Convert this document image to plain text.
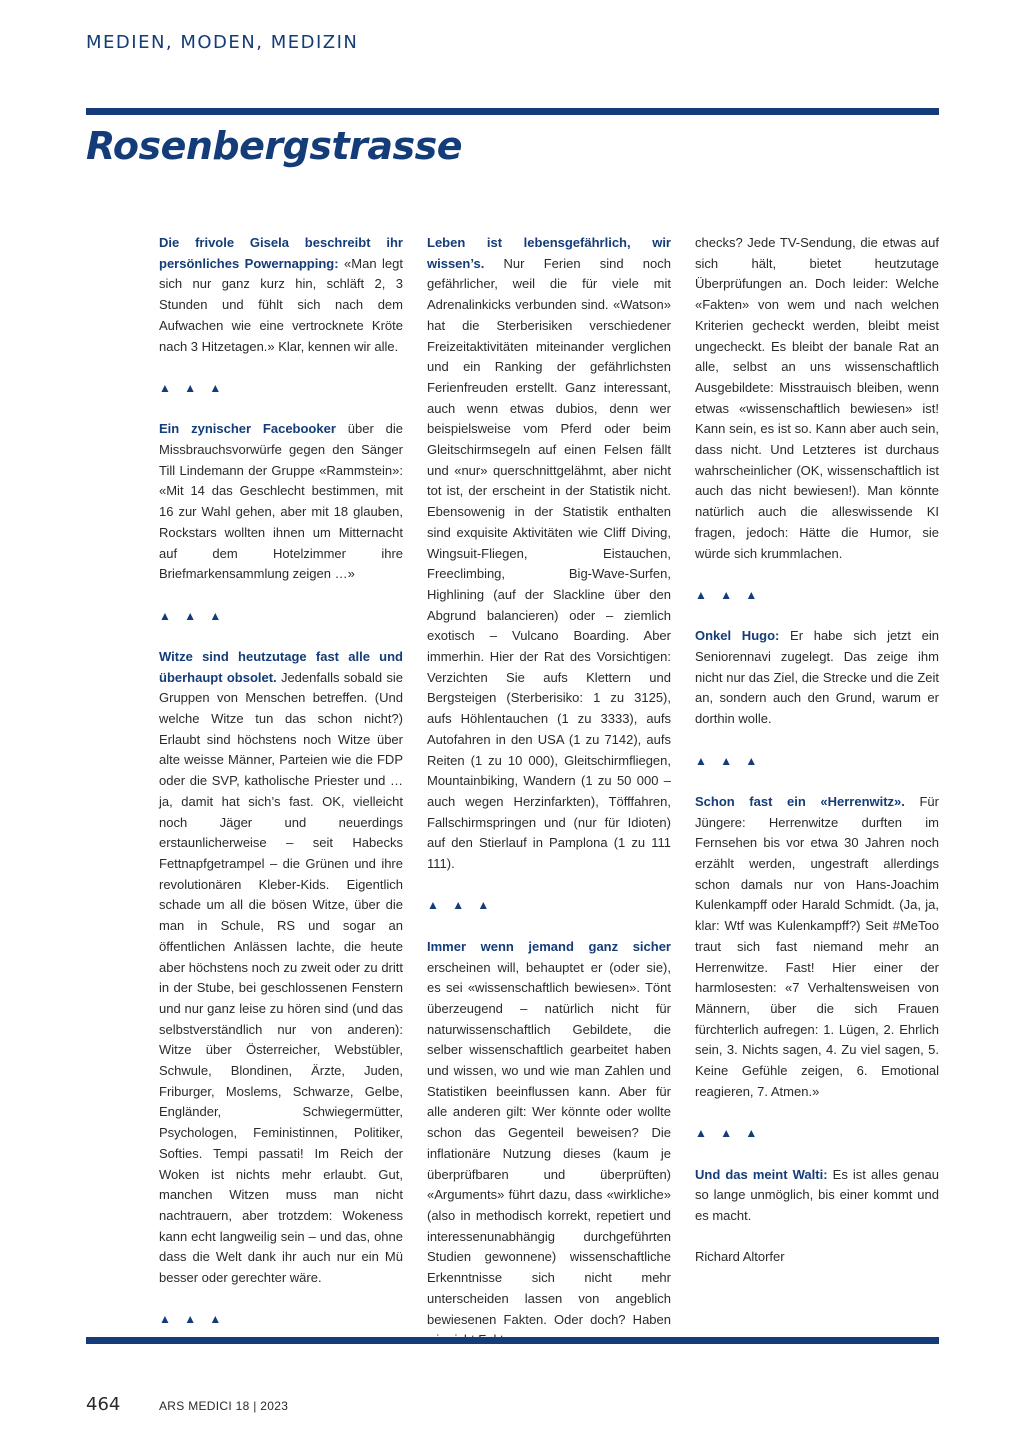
MEDIEN, MODEN, MEDIZIN
Rosenbergstrasse

Die frivole Gisela beschreibt ihr persönliches Powernapping: «Man legt sich nur ganz kurz hin, schläft 2, 3 Stunden und fühlt sich nach dem Aufwachen wie eine vertrocknete Kröte nach 3 Hitzetagen.» Klar, kennen wir alle.

▲ ▲ ▲

Ein zynischer Facebooker über die Missbrauchsvorwürfe gegen den Sänger Till Lindemann der Gruppe «Rammstein»: «Mit 14 das Geschlecht bestimmen, mit 16 zur Wahl gehen, aber mit 18 glauben, Rockstars wollten ihnen um Mitternacht auf dem Hotelzimmer ihre Briefmarkensammlung zeigen …»

▲ ▲ ▲

Witze sind heutzutage fast alle und überhaupt obsolet. Jedenfalls sobald sie Gruppen von Menschen betreffen. (Und welche Witze tun das schon nicht?) Erlaubt sind höchstens noch Witze über alte weisse Männer, Parteien wie die FDP oder die SVP, katholische Priester und … ja, damit hat sich’s fast. OK, vielleicht noch Jäger und neuerdings erstaunlicherweise – seit Habecks Fettnapfgetrampel – die Grünen und ihre revolutionären Kleber-Kids. Eigentlich schade um all die bösen Witze, über die man in Schule, RS und sogar an öffentlichen Anlässen lachte, die heute aber höchstens noch zu zweit oder zu dritt in der Stube, bei geschlossenen Fenstern und nur ganz leise zu hören sind (und das selbstverständlich nur von anderen): Witze über Österreicher, Webstübler, Schwule, Blondinen, Ärzte, Juden, Friburger, Moslems, Schwarze, Gelbe, Engländer, Schwiegermütter, Psychologen, Feministinnen, Politiker, Softies. Tempi passati! Im Reich der Woken ist nichts mehr erlaubt. Gut, manchen Witzen muss man nicht nachtrauern, aber trotzdem: Wokeness kann echt langweilig sein – und das, ohne dass die Welt dank ihr auch nur ein Mü besser oder gerechter wäre.

▲ ▲ ▲

Leben ist lebensgefährlich, wir wissen’s. Nur Ferien sind noch gefährlicher, weil die für viele mit Adrenalinkicks verbunden sind. «Watson» hat die Sterberisiken verschiedener Freizeitaktivitäten miteinander verglichen und ein Ranking der gefährlichsten Ferienfreuden erstellt. Ganz interessant, auch wenn etwas dubios, denn wer beispielsweise vom Pferd oder beim Gleitschirmsegeln auf einen Felsen fällt und «nur» querschnittgelähmt, aber nicht tot ist, der erscheint in der Statistik nicht. Ebensowenig in der Statistik enthalten sind exquisite Aktivitäten wie Cliff Diving, Wingsuit-Fliegen, Eistauchen, Freeclimbing, Big-Wave-Surfen, Highlining (auf der Slackline über den Abgrund balancieren) oder – ziemlich exotisch – Vulcano Boarding. Aber immerhin. Hier der Rat des Vorsichtigen: Verzichten Sie aufs Klettern und Bergsteigen (Sterberisiko: 1 zu 3125), aufs Höhlentauchen (1 zu 3333), aufs Autofahren in den USA (1 zu 7142), aufs Reiten (1 zu 10 000), Gleitschirmfliegen, Mountainbiking, Wandern (1 zu 50 000 – auch wegen Herzinfarkten), Töfffahren, Fallschirmspringen und (nur für Idioten) auf den Stierlauf in Pamplona (1 zu 111 111).

▲ ▲ ▲

Immer wenn jemand ganz sicher erscheinen will, behauptet er (oder sie), es sei «wissenschaftlich bewiesen». Tönt überzeugend – natürlich nicht für naturwissenschaftlich Gebildete, die selber wissenschaftlich gearbeitet haben und wissen, wo und wie man Zahlen und Statistiken beeinflussen kann. Aber für alle anderen gilt: Wer könnte oder wollte schon das Gegenteil beweisen? Die inflationäre Nutzung dieses (kaum je überprüfbaren und überprüften) «Arguments» führt dazu, dass «wirkliche» (also in methodisch korrekt, repetiert und interessenunabhängig durchgeführten Studien gewonnene) wissenschaftliche Erkenntnisse sich nicht mehr unterscheiden lassen von angeblich bewiesenen Fakten. Oder doch? Haben

checks? Jede TV-Sendung, die etwas auf sich hält, bietet heutzutage Überprüfungen an. Doch leider: Welche «Fakten» von wem und nach welchen Kriterien gecheckt werden, bleibt meist ungecheckt. Es bleibt der banale Rat an alle, selbst an uns wissenschaftlich Ausgebildete: Misstrauisch bleiben, wenn etwas «wissenschaftlich bewiesen» ist! Kann sein, es ist so. Kann aber auch sein, dass nicht. Und Letzteres ist durchaus wahrscheinlicher (OK, wissenschaftlich ist auch das nicht bewiesen!). Man könnte natürlich auch die alleswissende KI fragen, jedoch: Hätte die Humor, sie würde sich krummlachen.

▲ ▲ ▲

Onkel Hugo: Er habe sich jetzt ein Seniorennavi zugelegt. Das zeige ihm nicht nur das Ziel, die Strecke und die Zeit an, sondern auch den Grund, warum er dorthin wolle.

▲ ▲ ▲

Schon fast ein «Herrenwitz». Für Jüngere: Herrenwitze durften im Fernsehen bis vor etwa 30 Jahren noch erzählt werden, ungestraft allerdings schon damals nur von Hans-Joachim Kulenkampff oder Harald Schmidt. (Ja, ja, klar: Wtf was Kulenkampff?) Seit #MeToo traut sich fast niemand mehr an Herrenwitze. Fast! Hier einer der harmlosesten: «7 Verhaltensweisen von Männern, über die sich Frauen fürchterlich aufregen: 1. Lügen, 2. Ehrlich sein, 3. Nichts sagen, 4. Zu viel sagen, 5. Keine Gefühle zeigen, 6. Emotional reagieren, 7. Atmen.»

▲ ▲ ▲

Und das meint Walti: Es ist alles genau so lange unmöglich, bis einer kommt und es macht.

Richard Altorfer

464	ARS MEDICI 18 | 2023
